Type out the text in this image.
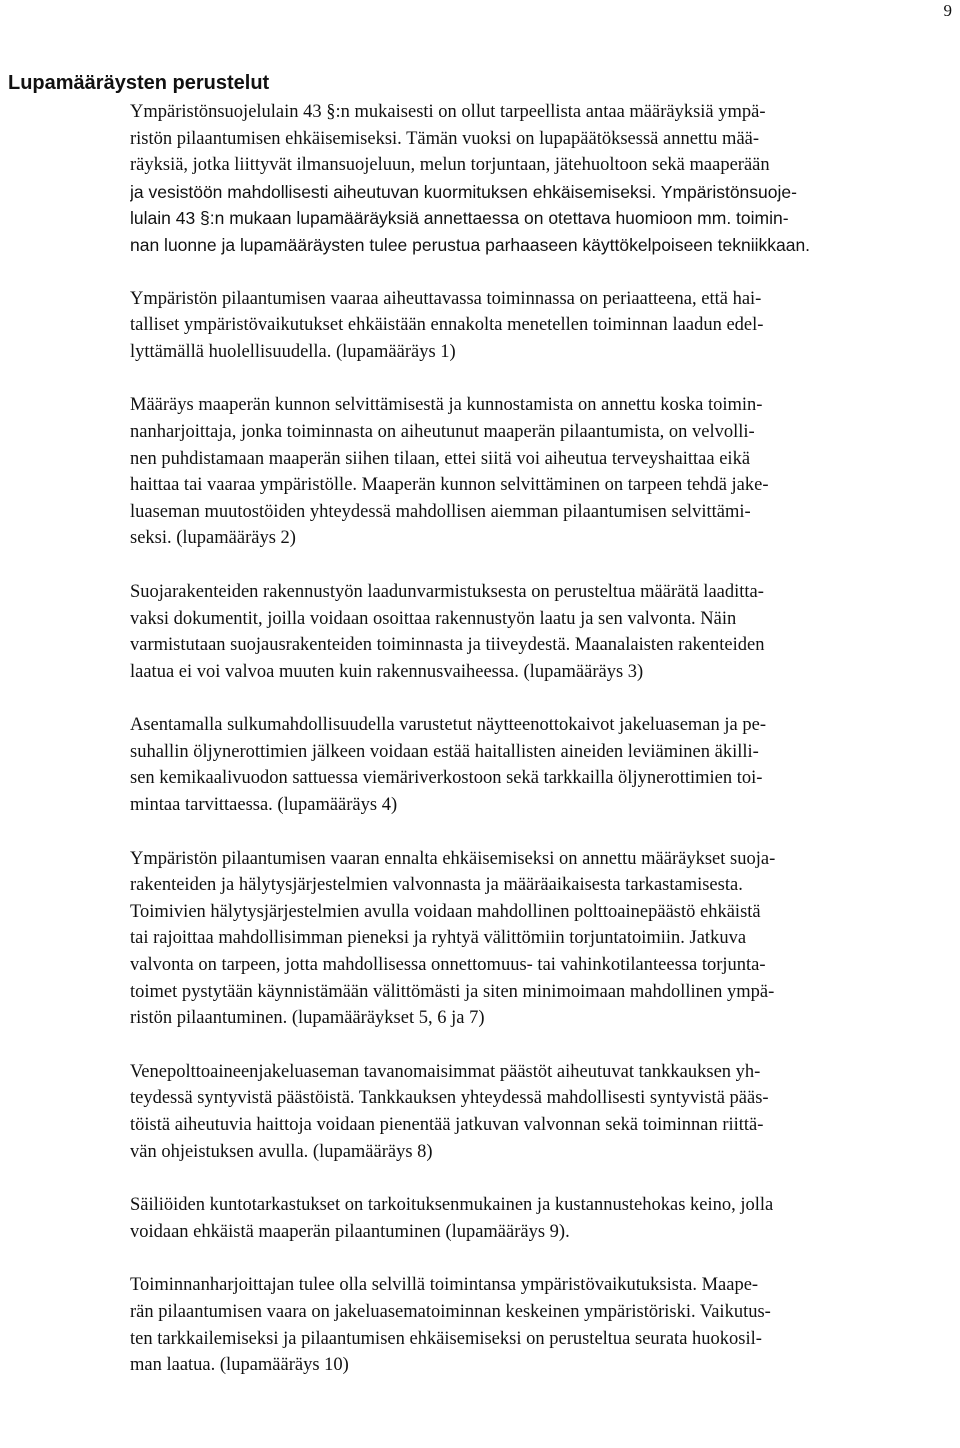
9
Lupamääräysten perustelut

Ympäristönsuojelulain 43 §:n mukaisesti on ollut tarpeellista antaa määräyksiä ympä-
ristön pilaantumisen ehkäisemiseksi. Tämän vuoksi on lupapäätöksessä annettu mää-
räyksiä, jotka liittyvät ilmansuojeluun, melun torjuntaan, jätehuoltoon sekä maaperään
ja vesistöön mahdollisesti aiheutuvan kuormituksen ehkäisemiseksi. Ympäristönsuoje-
lulain 43 §:n mukaan lupamääräyksiä annettaessa on otettava huomioon mm. toimin-
nan luonne ja lupamääräysten tulee perustua parhaaseen käyttökelpoiseen tekniikkaan.

Ympäristön pilaantumisen vaaraa aiheuttavassa toiminnassa on periaatteena, että hai-
talliset ympäristövaikutukset ehkäistään ennakolta menetellen toiminnan laadun edel-
lyttämällä huolellisuudella. (lupamääräys 1)

Määräys maaperän kunnon selvittämisestä ja kunnostamista on annettu koska toimin-
nanharjoittaja, jonka toiminnasta on aiheutunut maaperän pilaantumista, on velvolli-
nen puhdistamaan maaperän siihen tilaan, ettei siitä voi aiheutua terveyshaittaa eikä
haittaa tai vaaraa ympäristölle. Maaperän kunnon selvittäminen on tarpeen tehdä jake-
luaseman muutostöiden yhteydessä mahdollisen aiemman pilaantumisen selvittämi-
seksi. (lupamääräys 2)

Suojarakenteiden rakennustyön laadunvarmistuksesta on perusteltua määrätä laadittа-
vaksi dokumentit, joilla voidaan osoittaa rakennustyön laatu ja sen valvonta. Näin
varmistutaan suojausrakenteiden toiminnasta ja tiiveydestä. Maanalaisten rakenteiden
laatua ei voi valvoa muuten kuin rakennusvaiheessa. (lupamääräys 3)

Asentamalla sulkumahdollisuudella varustetut näytteenottokaivot jakeluaseman ja pe-
suhallin öljynerottimien jälkeen voidaan estää haitallisten aineiden leviäminen äkilli-
sen kemikaalivuodon sattuessa viemäriverkostoon sekä tarkkailla öljynerottimien toi-
mintaa tarvittaessa. (lupamääräys 4)

Ympäristön pilaantumisen vaaran ennalta ehkäisemiseksi on annettu määräykset suoja-
rakenteiden ja hälytysjärjestelmien valvonnasta ja määräaikaisesta tarkastamisesta.
Toimivien hälytysjärjestelmien avulla voidaan mahdollinen polttoainepäästö ehkäistä
tai rajoittaa mahdollisimman pieneksi ja ryhtyä välittömiin torjuntatoimiin. Jatkuva
valvonta on tarpeen, jotta mahdollisessa onnettomuus- tai vahinkotilanteessa torjunta-
toimet pystytään käynnistämään välittömästi ja siten minimoimaan mahdollinen ympä-
ristön pilaantuminen. (lupamääräykset 5, 6 ja 7)

Venepolttoaineenjakeluaseman tavanomaisimmat päästöt aiheutuvat tankkauksen yh-
teydessä syntyvistä päästöistä. Tankkauksen yhteydessä mahdollisesti syntyvistä pääs-
töistä aiheutuvia haittoja voidaan pienentää jatkuvan valvonnan sekä toiminnan riittä-
vän ohjeistuksen avulla. (lupamääräys 8)

Säiliöiden kuntotarkastukset on tarkoituksenmukainen ja kustannustehokas keino, jolla
voidaan ehkäistä maaperän pilaantuminen (lupamääräys 9).

Toiminnanharjoittajan tulee olla selvillä toimintansa ympäristövaikutuksista. Maape-
rän pilaantumisen vaara on jakeluasematoiminnan keskeinen ympäristöriski. Vaikutus-
ten tarkkailemiseksi ja pilaantumisen ehkäisemiseksi on perusteltua seurata huokosil-
man laatua. (lupamääräys 10)
